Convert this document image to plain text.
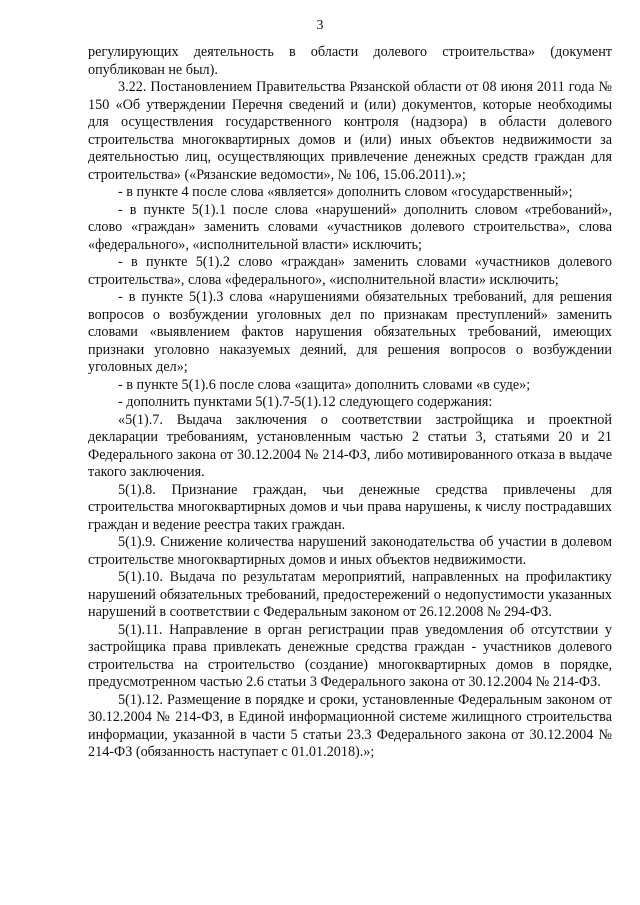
3

регулирующих деятельность в области долевого строительства» (документ опубликован не был).

3.22. Постановлением Правительства Рязанской области от 08 июня 2011 года № 150 «Об утверждении Перечня сведений и (или) документов, которые необходимы для осуществления государственного контроля (надзора) в области долевого строительства многоквартирных домов и (или) иных объектов недвижимости за деятельностью лиц, осуществляющих привлечение денежных средств граждан для строительства» («Рязанские ведомости», № 106, 15.06.2011).»;

- в пункте 4 после слова «является» дополнить словом «государственный»;

- в пункте 5(1).1 после слова «нарушений» дополнить словом «требований», слово «граждан» заменить словами «участников долевого строительства», слова «федерального», «исполнительной власти» исключить;

- в пункте 5(1).2 слово «граждан» заменить словами «участников долевого строительства», слова «федерального», «исполнительной власти» исключить;

- в пункте 5(1).3 слова «нарушениями обязательных требований, для решения вопросов о возбуждении уголовных дел по признакам преступлений» заменить словами «выявлением фактов нарушения обязательных требований, имеющих признаки уголовно наказуемых деяний, для решения вопросов о возбуждении уголовных дел»;

- в пункте 5(1).6 после слова «защита» дополнить словами «в суде»;

- дополнить пунктами 5(1).7-5(1).12 следующего содержания:

«5(1).7. Выдача заключения о соответствии застройщика и проектной декларации требованиям, установленным частью 2 статьи 3, статьями 20 и 21 Федерального закона от 30.12.2004 № 214-ФЗ, либо мотивированного отказа в выдаче такого заключения.

5(1).8. Признание граждан, чьи денежные средства привлечены для строительства многоквартирных домов и чьи права нарушены, к числу пострадавших граждан и ведение реестра таких граждан.

5(1).9. Снижение количества нарушений законодательства об участии в долевом строительстве многоквартирных домов и иных объектов недвижимости.

5(1).10. Выдача по результатам мероприятий, направленных на профилактику нарушений обязательных требований, предостережений о недопустимости указанных нарушений в соответствии с Федеральным законом от 26.12.2008 № 294-ФЗ.

5(1).11. Направление в орган регистрации прав уведомления об отсутствии у застройщика права привлекать денежные средства граждан - участников долевого строительства на строительство (создание) многоквартирных домов в порядке, предусмотренном частью 2.6 статьи 3 Федерального закона от 30.12.2004 № 214-ФЗ.

5(1).12. Размещение в порядке и сроки, установленные Федеральным законом от 30.12.2004 № 214-ФЗ, в Единой информационной системе жилищного строительства информации, указанной в части 5 статьи 23.3 Федерального закона от 30.12.2004 № 214-ФЗ (обязанность наступает с 01.01.2018).»;
